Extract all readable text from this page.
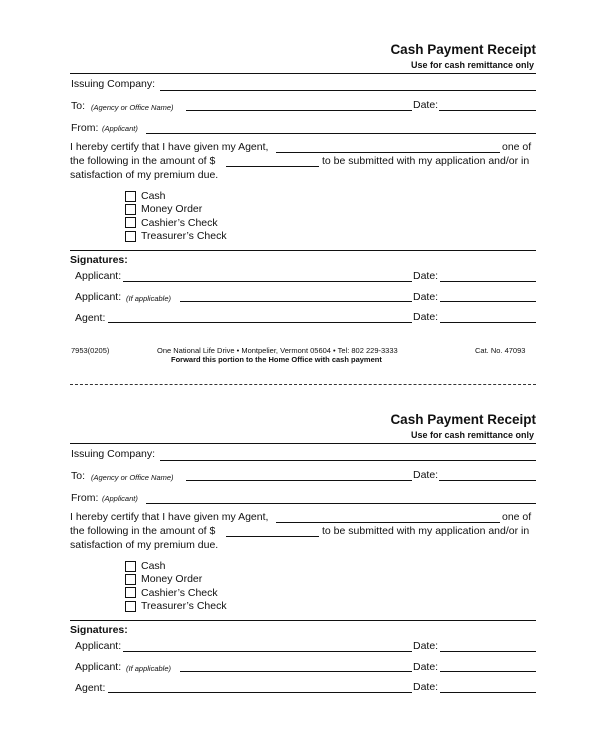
Cash Payment Receipt
Use for cash remittance only
Issuing Company:
To: (Agency or Office Name)	Date:
From: (Applicant)
I hereby certify that I have given my Agent,	one of
the following in the amount of $	to be submitted with my application and/or in
satisfaction of my premium due.
Cash
Money Order
Cashier’s Check
Treasurer’s Check
Signatures:
Applicant:	Date:
Applicant: (If applicable)	Date:
Agent:	Date:
7953(0205)	One National Life Drive • Montpelier, Vermont 05604 • Tel: 802 229-3333	Cat. No. 47093
Forward this portion to the Home Office with cash payment
Cash Payment Receipt
Use for cash remittance only
Issuing Company:
To: (Agency or Office Name)	Date:
From: (Applicant)
I hereby certify that I have given my Agent,	one of
the following in the amount of $	to be submitted with my application and/or in
satisfaction of my premium due.
Cash
Money Order
Cashier’s Check
Treasurer’s Check
Signatures:
Applicant:	Date:
Applicant: (If applicable)	Date:
Agent:	Date:
